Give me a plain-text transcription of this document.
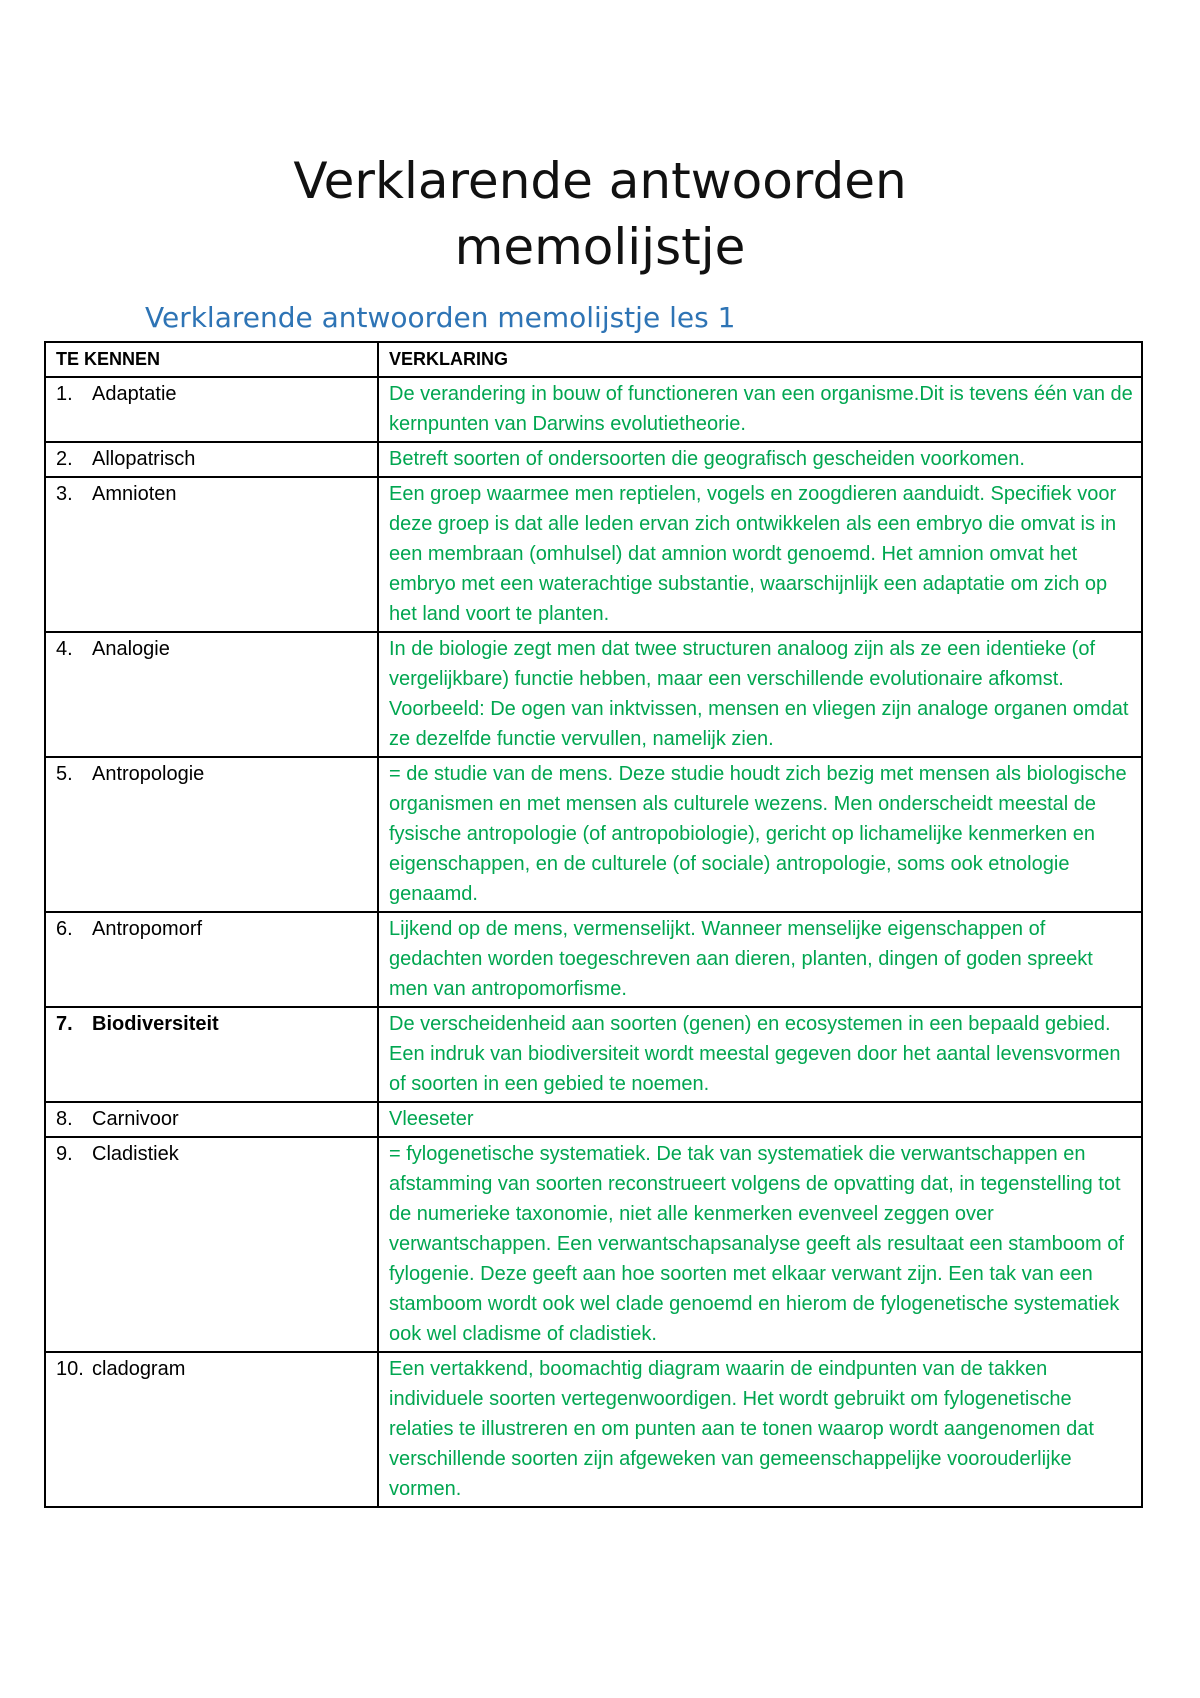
Verklarende antwoorden
memolijstje
Verklarende antwoorden memolijstje les 1
TE KENNEN	VERKLARING
1. Adaptatie	De verandering in bouw of functioneren van een organisme.Dit is tevens één van de kernpunten van Darwins evolutietheorie.
2. Allopatrisch	Betreft soorten of ondersoorten die geografisch gescheiden voorkomen.
3. Amnioten	Een groep waarmee men reptielen, vogels en zoogdieren aanduidt. Specifiek voor deze groep is dat alle leden ervan zich ontwikkelen als een embryo die omvat is in een membraan (omhulsel) dat amnion wordt genoemd. Het amnion omvat het embryo met een waterachtige substantie, waarschijnlijk een adaptatie om zich op het land voort te planten.
4. Analogie	In de biologie zegt men dat twee structuren analoog zijn als ze een identieke (of vergelijkbare) functie hebben, maar een verschillende evolutionaire afkomst.
Voorbeeld: De ogen van inktvissen, mensen en vliegen zijn analoge organen omdat ze dezelfde functie vervullen, namelijk zien.

5. Antropologie	= de studie van de mens. Deze studie houdt zich bezig met mensen als biologische organismen en met mensen als culturele wezens. Men onderscheidt meestal de fysische antropologie (of antropobiologie), gericht op lichamelijke kenmerken en eigenschappen, en de culturele (of sociale) antropologie, soms ook etnologie genaamd.
6. Antropomorf	Lijkend op de mens, vermenselijkt. Wanneer menselijke eigenschappen of gedachten worden toegeschreven aan dieren, planten, dingen of goden spreekt men van antropomorfisme.
7. Biodiversiteit	De verscheidenheid aan soorten (genen) en ecosystemen in een bepaald gebied. Een indruk van biodiversiteit wordt meestal gegeven door het aantal levensvormen of soorten in een gebied te noemen.
8. Carnivoor	Vleeseter
9. Cladistiek	= fylogenetische systematiek. De tak van systematiek die verwantschappen en afstamming van soorten reconstrueert volgens de opvatting dat, in tegenstelling tot de numerieke taxonomie, niet alle kenmerken evenveel zeggen over verwantschappen. Een verwantschapsanalyse geeft als resultaat een stamboom of fylogenie. Deze geeft aan hoe soorten met elkaar verwant zijn. Een tak van een stamboom wordt ook wel clade genoemd en hierom de fylogenetische systematiek ook wel cladisme of cladistiek.
10. cladogram	Een vertakkend, boomachtig diagram waarin de eindpunten van de takken individuele soorten vertegenwoordigen. Het wordt gebruikt om fylogenetische relaties te illustreren en om punten aan te tonen waarop wordt aangenomen dat verschillende soorten zijn afgeweken van gemeenschappelijke voorouderlijke vormen.
